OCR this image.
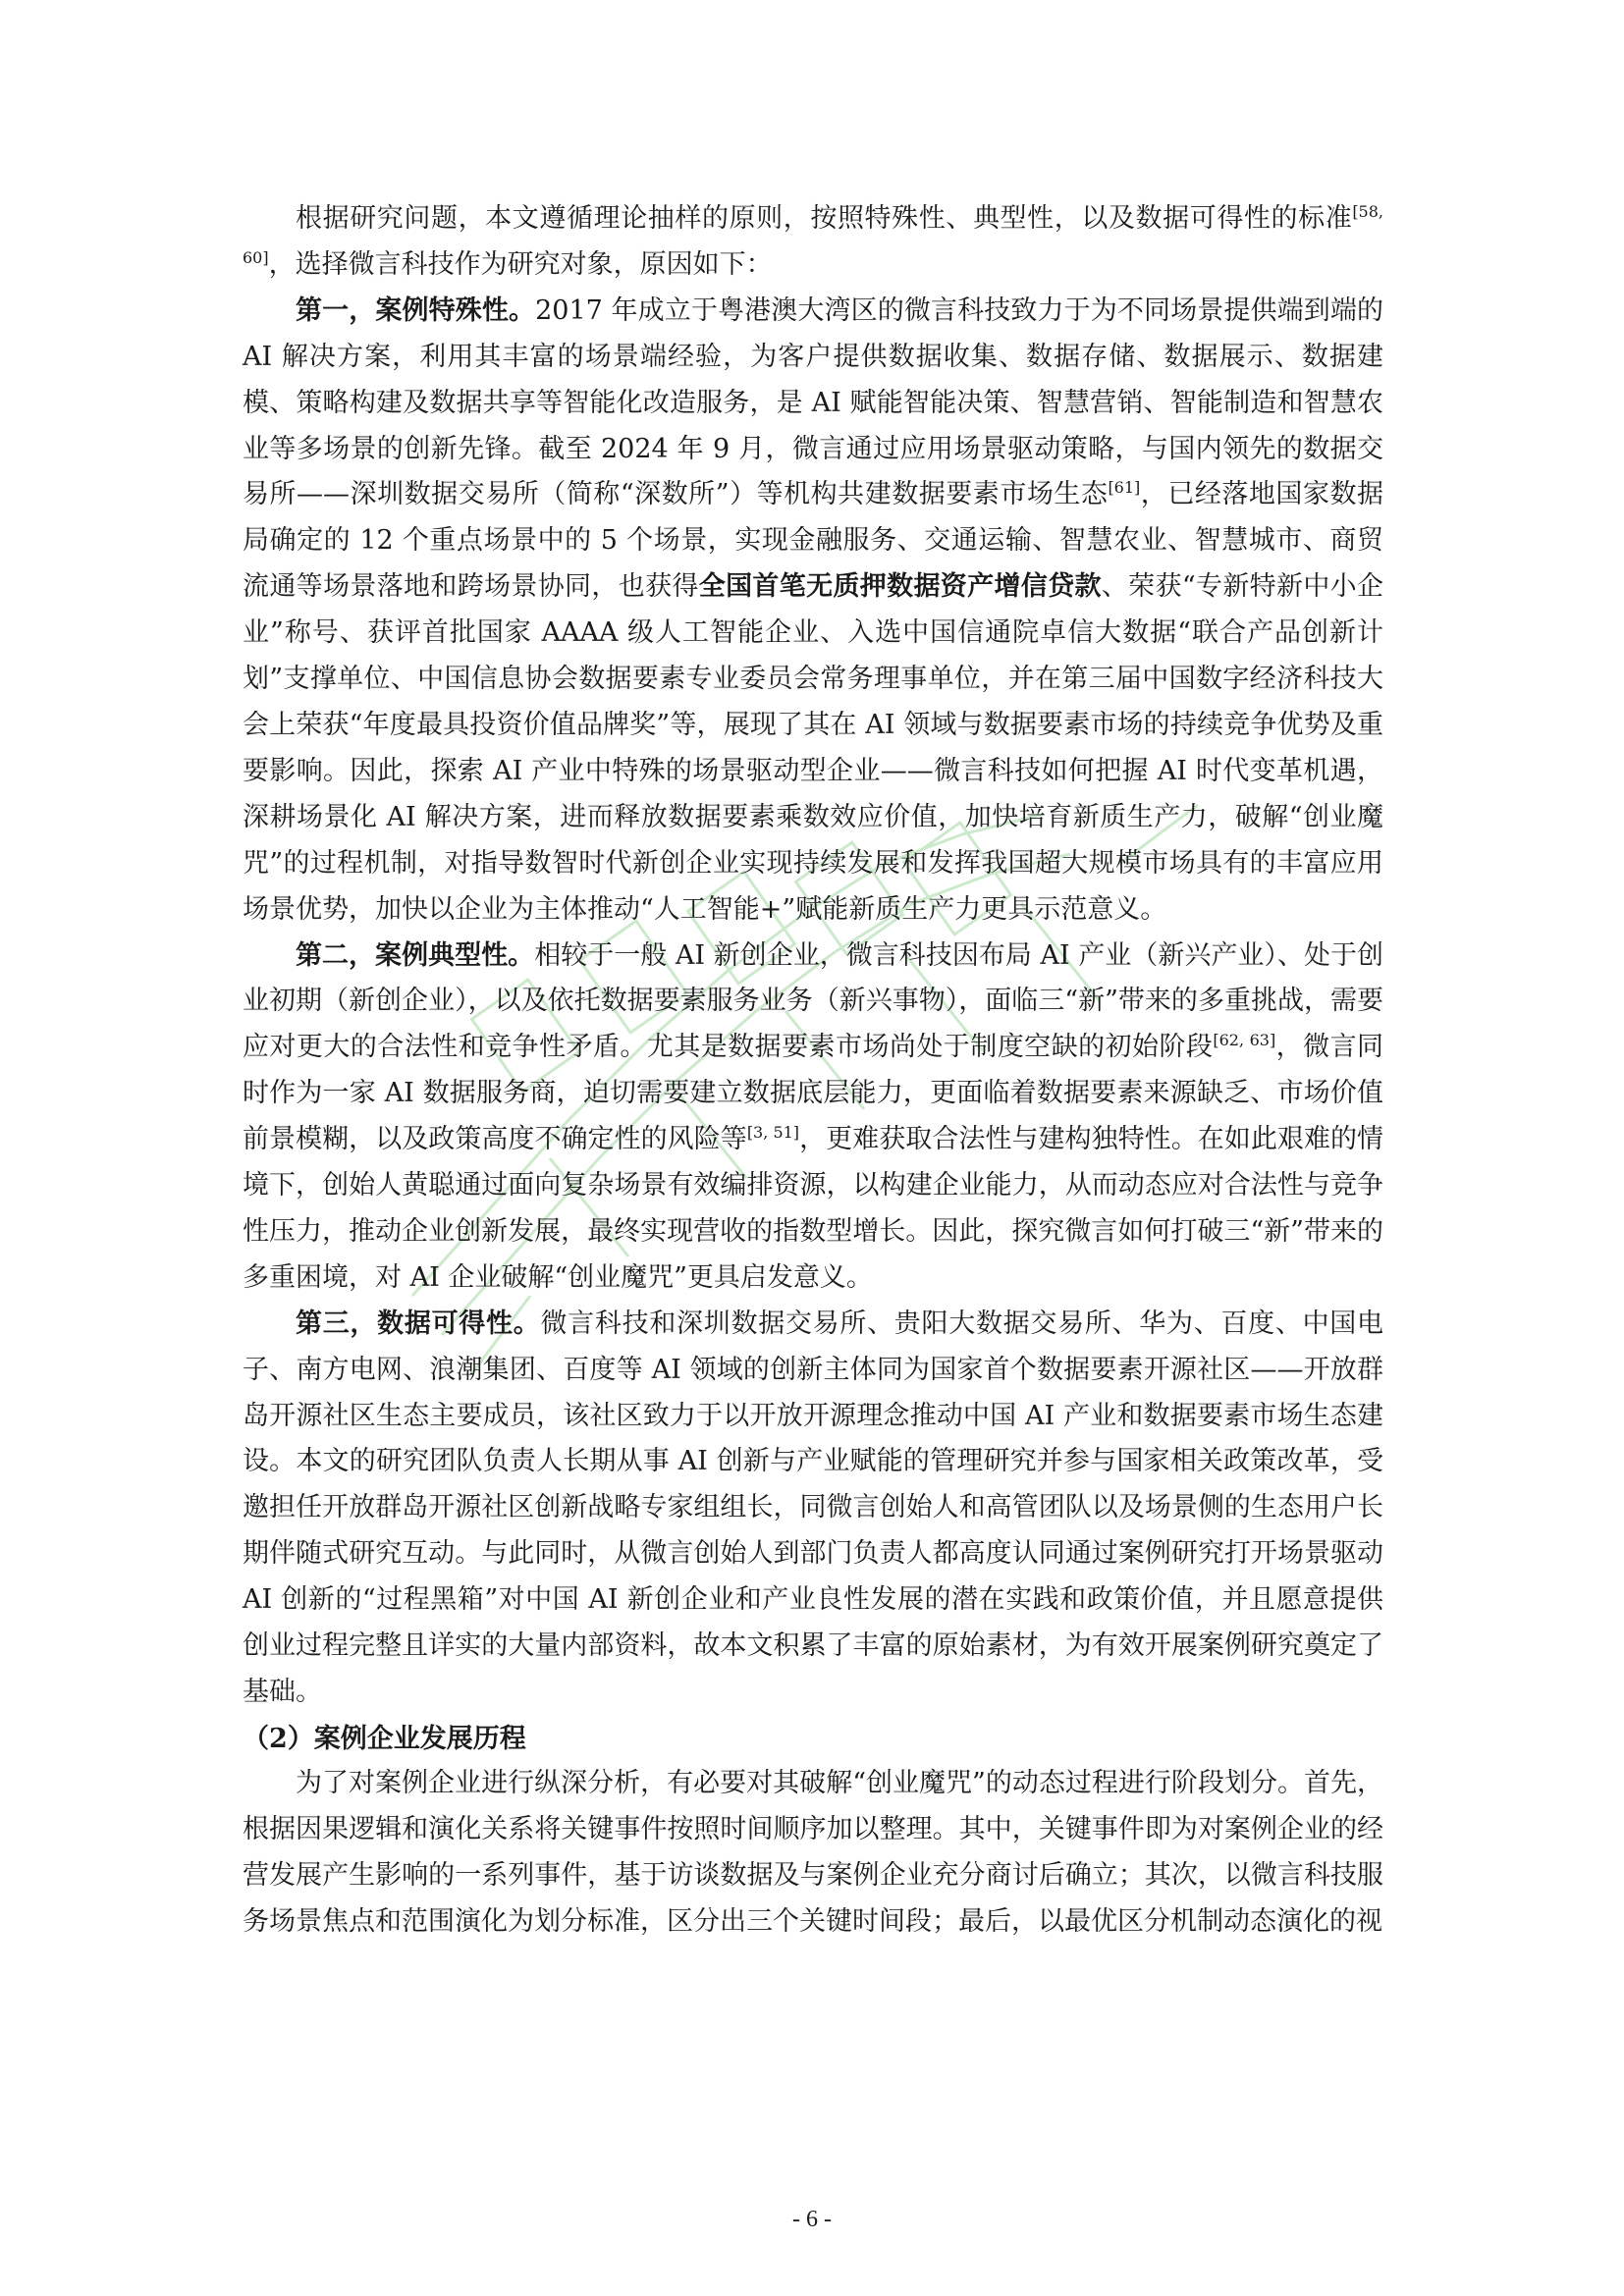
根据研究问题，本文遵循理论抽样的原则，按照特殊性、典型性，以及数据可得性的标准[58, 60]，选择微言科技作为研究对象，原因如下：

第一，案例特殊性。2017 年成立于粤港澳大湾区的微言科技致力于为不同场景提供端到端的 AI 解决方案，利用其丰富的场景端经验，为客户提供数据收集、数据存储、数据展示、数据建模、策略构建及数据共享等智能化改造服务，是 AI 赋能智能决策、智慧营销、智能制造和智慧农业等多场景的创新先锋。截至 2024 年 9 月，微言通过应用场景驱动策略，与国内领先的数据交易所——深圳数据交易所（简称“深数所”）等机构共建数据要素市场生态[61]，已经落地国家数据局确定的 12 个重点场景中的 5 个场景，实现金融服务、交通运输、智慧农业、智慧城市、商贸流通等场景落地和跨场景协同，也获得全国首笔无质押数据资产增信贷款、荣获“专新特新中小企业”称号、获评首批国家 AAAA 级人工智能企业、入选中国信通院卓信大数据“联合产品创新计划”支撑单位、中国信息协会数据要素专业委员会常务理事单位，并在第三届中国数字经济科技大会上荣获“年度最具投资价值品牌奖”等，展现了其在 AI 领域与数据要素市场的持续竞争优势及重要影响。因此，探索 AI 产业中特殊的场景驱动型企业——微言科技如何把握 AI 时代变革机遇，深耕场景化 AI 解决方案，进而释放数据要素乘数效应价值，加快培育新质生产力，破解“创业魔咒”的过程机制，对指导数智时代新创企业实现持续发展和发挥我国超大规模市场具有的丰富应用场景优势，加快以企业为主体推动“人工智能+”赋能新质生产力更具示范意义。

第二，案例典型性。相较于一般 AI 新创企业，微言科技因布局 AI 产业（新兴产业）、处于创业初期（新创企业），以及依托数据要素服务业务（新兴事物），面临三“新”带来的多重挑战，需要应对更大的合法性和竞争性矛盾。尤其是数据要素市场尚处于制度空缺的初始阶段[62, 63]，微言同时作为一家 AI 数据服务商，迫切需要建立数据底层能力，更面临着数据要素来源缺乏、市场价值前景模糊，以及政策高度不确定性的风险等[3, 51]，更难获取合法性与建构独特性。在如此艰难的情境下，创始人黄聪通过面向复杂场景有效编排资源，以构建企业能力，从而动态应对合法性与竞争性压力，推动企业创新发展，最终实现营收的指数型增长。因此，探究微言如何打破三“新”带来的多重困境，对 AI 企业破解“创业魔咒”更具启发意义。

第三，数据可得性。微言科技和深圳数据交易所、贵阳大数据交易所、华为、百度、中国电子、南方电网、浪潮集团、百度等 AI 领域的创新主体同为国家首个数据要素开源社区——开放群岛开源社区生态主要成员，该社区致力于以开放开源理念推动中国 AI 产业和数据要素市场生态建设。本文的研究团队负责人长期从事 AI 创新与产业赋能的管理研究并参与国家相关政策改革，受邀担任开放群岛开源社区创新战略专家组组长，同微言创始人和高管团队以及场景侧的生态用户长期伴随式研究互动。与此同时，从微言创始人到部门负责人都高度认同通过案例研究打开场景驱动 AI 创新的“过程黑箱”对中国 AI 新创企业和产业良性发展的潜在实践和政策价值，并且愿意提供创业过程完整且详实的大量内部资料，故本文积累了丰富的原始素材，为有效开展案例研究奠定了基础。

（2）案例企业发展历程

为了对案例企业进行纵深分析，有必要对其破解“创业魔咒”的动态过程进行阶段划分。首先，根据因果逻辑和演化关系将关键事件按照时间顺序加以整理。其中，关键事件即为对案例企业的经营发展产生影响的一系列事件，基于访谈数据及与案例企业充分商讨后确立；其次，以微言科技服务场景焦点和范围演化为划分标准，区分出三个关键时间段；最后，以最优区分机制动态演化的视

- 6 -
